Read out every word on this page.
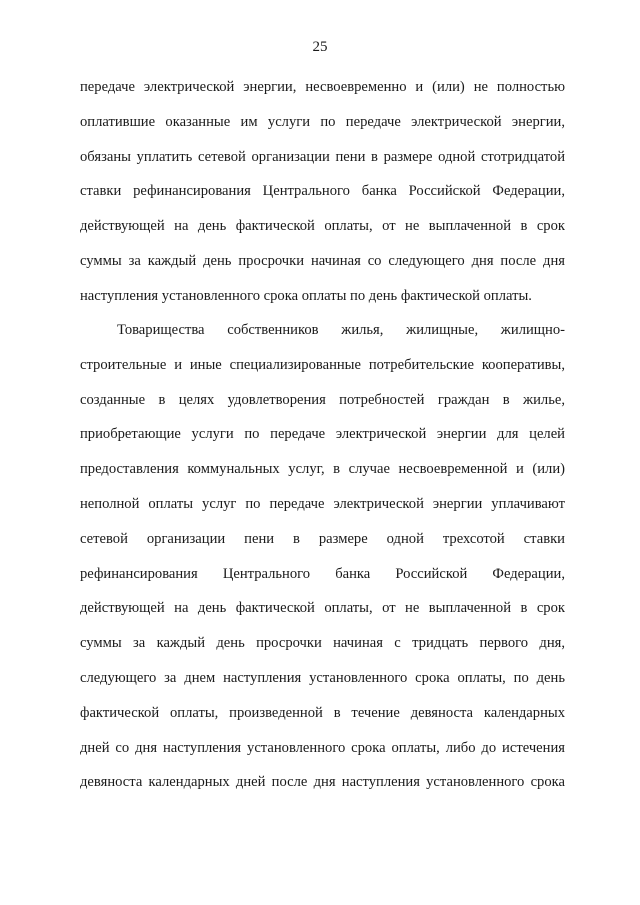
25
передаче электрической энергии, несвоевременно и (или) не полностью
оплатившие оказанные им услуги по передаче электрической энергии,
обязаны уплатить сетевой организации пени в размере одной стотридцатой
ставки рефинансирования Центрального банка Российской Федерации,
действующей на день фактической оплаты, от не выплаченной в срок
суммы за каждый день просрочки начиная со следующего дня после дня
наступления установленного срока оплаты по день фактической оплаты.
Товарищества собственников жилья, жилищные, жилищно-
строительные и иные специализированные потребительские кооперативы,
созданные в целях удовлетворения потребностей граждан в жилье,
приобретающие услуги по передаче электрической энергии для целей
предоставления коммунальных услуг, в случае несвоевременной и (или)
неполной оплаты услуг по передаче электрической энергии уплачивают
сетевой организации пени в размере одной трехсотой ставки
рефинансирования Центрального банка Российской Федерации,
действующей на день фактической оплаты, от не выплаченной в срок
суммы за каждый день просрочки начиная с тридцать первого дня,
следующего за днем наступления установленного срока оплаты, по день
фактической оплаты, произведенной в течение девяноста календарных
дней со дня наступления установленного срока оплаты, либо до истечения
девяноста календарных дней после дня наступления установленного срока
